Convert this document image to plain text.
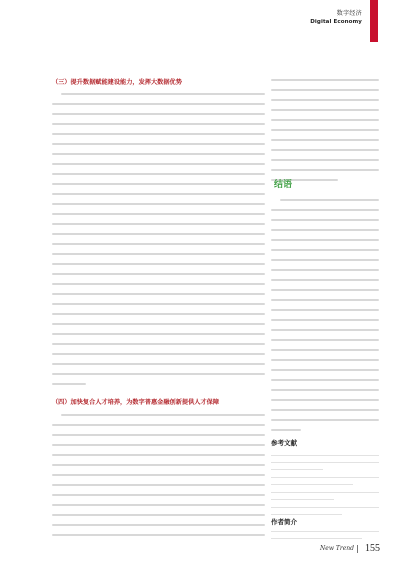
数字经济
Digital Economy
（三）提升数据赋能建设能力，发挥大数据优势
（四）加快复合人才培养，为数字普惠金融创新提供人才保障
结语
参考文献
作者简介
New Trend 155
